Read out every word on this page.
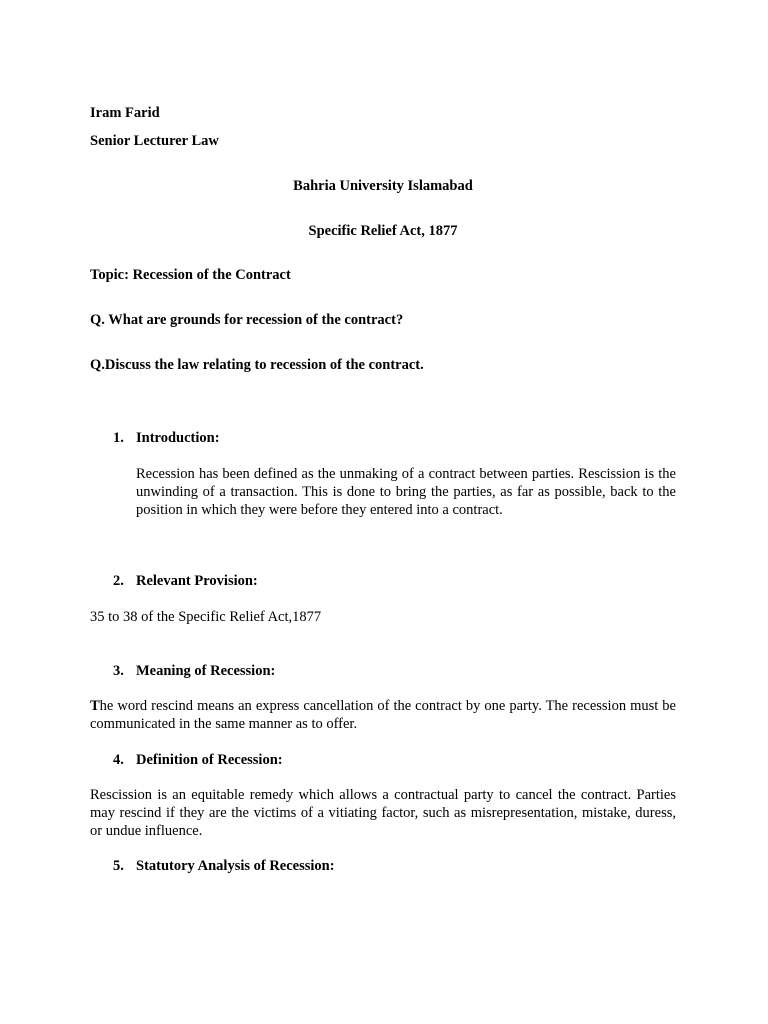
Iram Farid
Senior Lecturer Law
Bahria University Islamabad
Specific Relief Act, 1877
Topic: Recession of the Contract
Q. What are grounds for recession of the contract?
Q.Discuss the law relating to recession of the contract.
1. Introduction:
Recession has been defined as the unmaking of a contract between parties. Rescission is the unwinding of a transaction. This is done to bring the parties, as far as possible, back to the position in which they were before they entered into a contract.
2. Relevant Provision:
35 to 38 of the Specific Relief Act,1877
3. Meaning of Recession:
The word rescind means an express cancellation of the contract by one party. The recession must be communicated in the same manner as to offer.
4. Definition of Recession:
Rescission is an equitable remedy which allows a contractual party to cancel the contract. Parties may rescind if they are the victims of a vitiating factor, such as misrepresentation, mistake, duress, or undue influence.
5. Statutory Analysis of Recession:
